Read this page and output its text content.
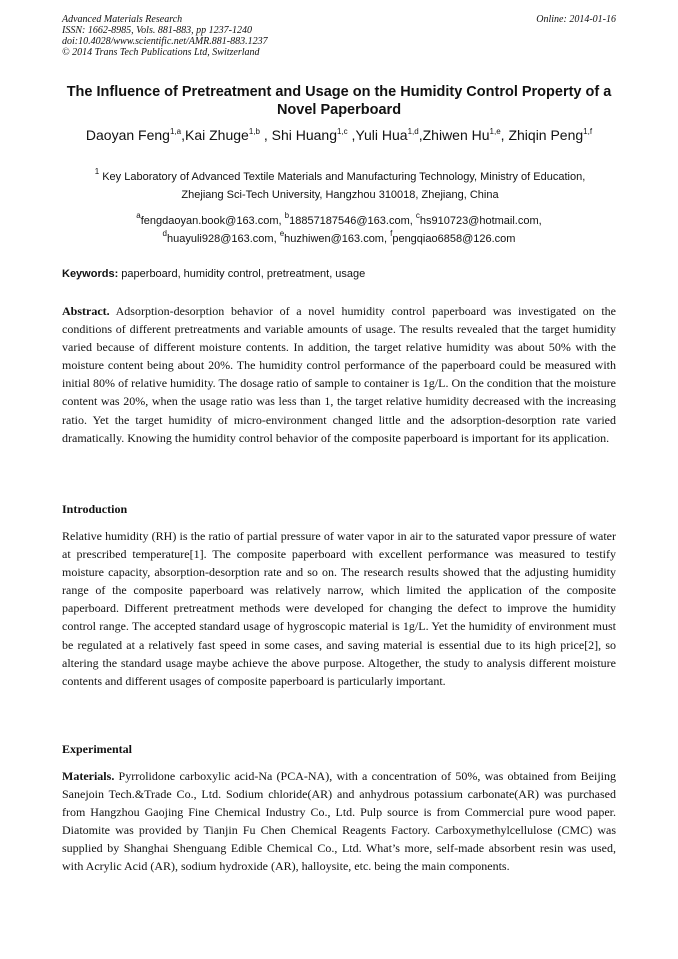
Advanced Materials Research
ISSN: 1662-8985, Vols. 881-883, pp 1237-1240
doi:10.4028/www.scientific.net/AMR.881-883.1237
© 2014 Trans Tech Publications Ltd, Switzerland
Online: 2014-01-16
The Influence of Pretreatment and Usage on the Humidity Control Property of a Novel Paperboard
Daoyan Feng$^{1,a}$,Kai Zhuge$^{1,b}$ , Shi Huang$^{1,c}$ ,Yuli Hua$^{1,d}$,Zhiwen Hu$^{1,e}$, Zhiqin Peng$^{1,f}$
$^1$ Key Laboratory of Advanced Textile Materials and Manufacturing Technology, Ministry of Education, Zhejiang Sci-Tech University, Hangzhou 310018, Zhejiang, China
$^a$fengdaoyan.book@163.com, $^b$18857187546@163.com, $^c$hs910723@hotmail.com,
$^d$huayuli928@163.com, $^e$huzhiwen@163.com, $^f$pengqiao6858@126.com
Keywords: paperboard, humidity control, pretreatment, usage

Abstract. Adsorption-desorption behavior of a novel humidity control paperboard was investigated on the conditions of different pretreatments and variable amounts of usage. The results revealed that the target humidity varied because of different moisture contents. In addition, the target relative humidity was about 50% with the moisture content being about 20%. The humidity control performance of the paperboard could be measured with initial 80% of relative humidity. The dosage ratio of sample to container is 1g/L. On the condition that the moisture content was 20%, when the usage ratio was less than 1, the target relative humidity decreased with the increasing ratio. Yet the target humidity of micro-environment changed little and the adsorption-desorption rate varied dramatically. Knowing the humidity control behavior of the composite paperboard is important for its application.

Introduction

Relative humidity (RH) is the ratio of partial pressure of water vapor in air to the saturated vapor pressure of water at prescribed temperature[1]. The composite paperboard with excellent performance was measured to testify moisture capacity, absorption-desorption rate and so on. The research results showed that the adjusting humidity range of the composite paperboard was relatively narrow, which limited the application of the composite paperboard. Different pretreatment methods were developed for changing the defect to improve the humidity control range. The accepted standard usage of hygroscopic material is 1g/L. Yet the humidity of environment must be regulated at a relatively fast speed in some cases, and saving material is essential due to its high price[2], so altering the standard usage maybe achieve the above purpose. Altogether, the study to analysis different moisture contents and different usages of composite paperboard is particularly important.

Experimental

Materials. Pyrrolidone carboxylic acid-Na (PCA-NA), with a concentration of 50%, was obtained from Beijing Sanejoin Tech.&Trade Co., Ltd. Sodium chloride(AR) and anhydrous potassium carbonate(AR) was purchased from Hangzhou Gaojing Fine Chemical Industry Co., Ltd. Pulp source is from Commercial pure wood paper. Diatomite was provided by Tianjin Fu Chen Chemical Reagents Factory. Carboxymethylcellulose (CMC) was supplied by Shanghai Shenguang Edible Chemical Co., Ltd. What’s more, self-made absorbent resin was used, with Acrylic Acid (AR), sodium hydroxide (AR), halloysite, etc. being the main components.
